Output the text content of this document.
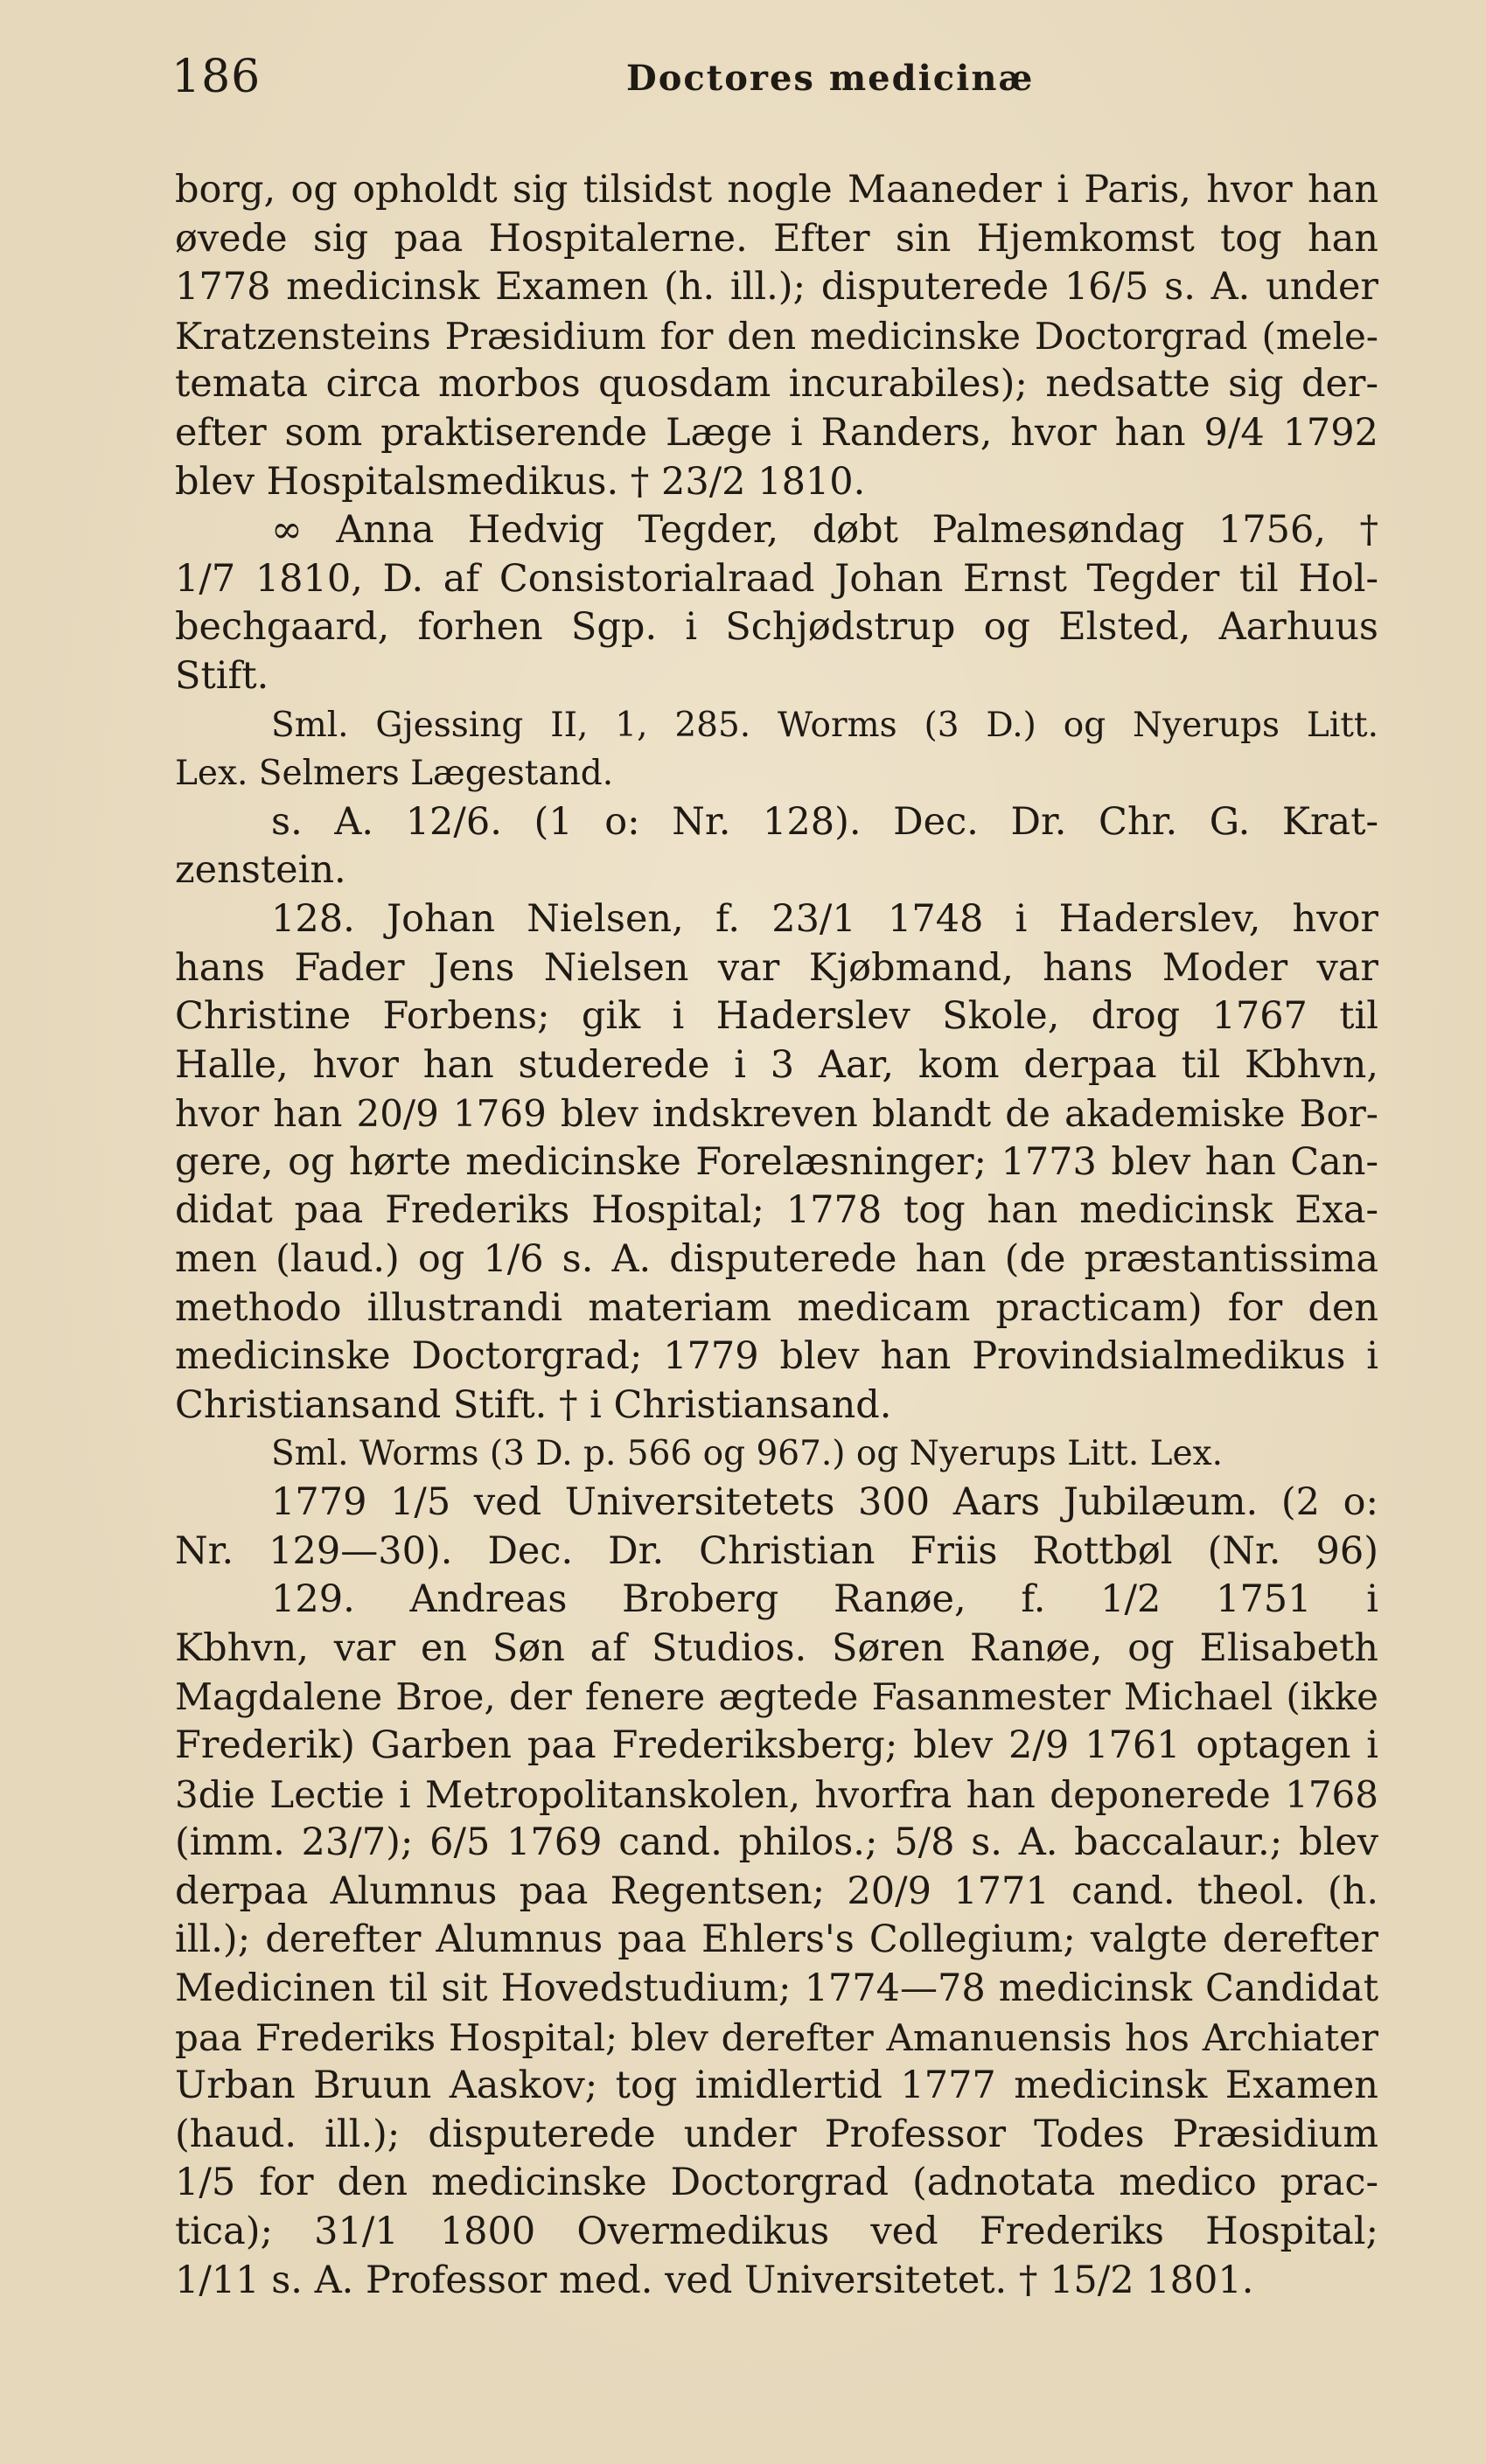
186	Doctores medicinæ
borg, og opholdt sig tilsidst nogle Maaneder i Paris, hvor han
øvede sig paa Hospitalerne. Efter sin Hjemkomst tog han
1778 medicinsk Examen (h. ill.); disputerede 16/5 s. A. under
Kratzensteins Præsidium for den medicinske Doctorgrad (mele-
temata circa morbos quosdam incurabiles); nedsatte sig der-
efter som praktiserende Læge i Randers, hvor han 9/4 1792
blev Hospitalsmedikus. † 23/2 1810.
∞ Anna Hedvig Tegder, døbt Palmesøndag 1756, †
1/7 1810, D. af Consistorialraad Johan Ernst Tegder til Hol-
bechgaard, forhen Sgp. i Schjødstrup og Elsted, Aarhuus
Stift.
Sml. Gjessing II, 1, 285. Worms (3 D.) og Nyerups Litt.
Lex. Selmers Lægestand.
s. A. 12/6. (1 o: Nr. 128). Dec. Dr. Chr. G. Krat-
zenstein.
128. Johan Nielsen, f. 23/1 1748 i Haderslev, hvor
hans Fader Jens Nielsen var Kjøbmand, hans Moder var
Christine Forbens; gik i Haderslev Skole, drog 1767 til
Halle, hvor han studerede i 3 Aar, kom derpaa til Kbhvn,
hvor han 20/9 1769 blev indskreven blandt de akademiske Bor-
gere, og hørte medicinske Forelæsninger; 1773 blev han Can-
didat paa Frederiks Hospital; 1778 tog han medicinsk Exa-
men (laud.) og 1/6 s. A. disputerede han (de præstantissima
methodo illustrandi materiam medicam practicam) for den
medicinske Doctorgrad; 1779 blev han Provindsialmedikus i
Christiansand Stift. † i Christiansand.
Sml. Worms (3 D. p. 566 og 967.) og Nyerups Litt. Lex.
1779 1/5 ved Universitetets 300 Aars Jubilæum. (2 o:
Nr. 129—30). Dec. Dr. Christian Friis Rottbøl (Nr. 96)
129. Andreas Broberg Ranøe, f. 1/2 1751 i
Kbhvn, var en Søn af Studios. Søren Ranøe, og Elisabeth
Magdalene Broe, der fenere ægtede Fasanmester Michael (ikke
Frederik) Garben paa Frederiksberg; blev 2/9 1761 optagen i
3die Lectie i Metropolitanskolen, hvorfra han deponerede 1768
(imm. 23/7); 6/5 1769 cand. philos.; 5/8 s. A. baccalaur.; blev
derpaa Alumnus paa Regentsen; 20/9 1771 cand. theol. (h.
ill.); derefter Alumnus paa Ehlers's Collegium; valgte derefter
Medicinen til sit Hovedstudium; 1774—78 medicinsk Candidat
paa Frederiks Hospital; blev derefter Amanuensis hos Archiater
Urban Bruun Aaskov; tog imidlertid 1777 medicinsk Examen
(haud. ill.); disputerede under Professor Todes Præsidium
1/5 for den medicinske Doctorgrad (adnotata medico prac-
tica); 31/1 1800 Overmedikus ved Frederiks Hospital;
1/11 s. A. Professor med. ved Universitetet. † 15/2 1801.
